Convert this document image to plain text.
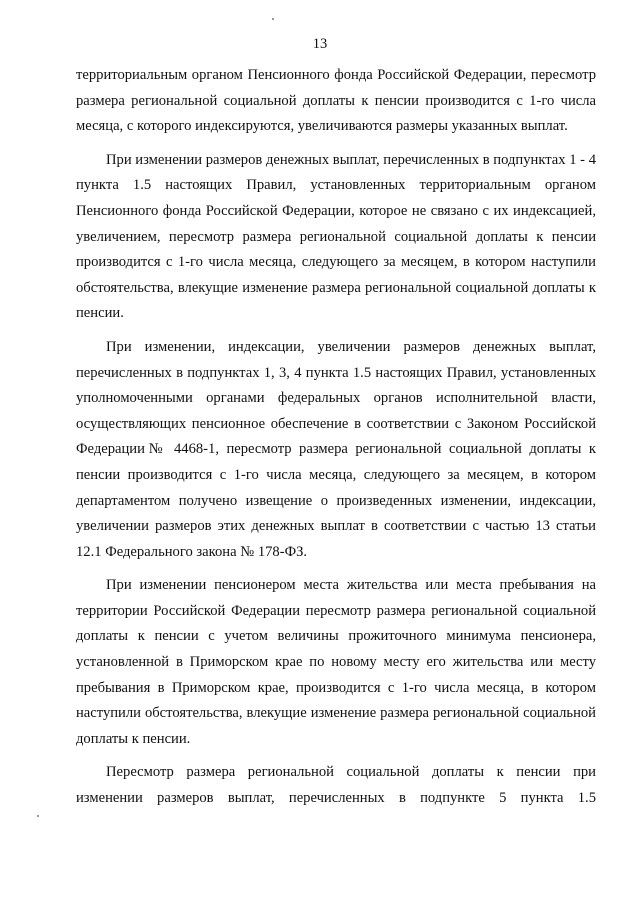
13

территориальным органом Пенсионного фонда Российской Федерации, пересмотр размера региональной социальной доплаты к пенсии производится с 1-го числа месяца, с которого индексируются, увеличиваются размеры указанных выплат.

При изменении размеров денежных выплат, перечисленных в подпунктах 1 - 4 пункта 1.5 настоящих Правил, установленных территориальным органом Пенсионного фонда Российской Федерации, которое не связано с их индексацией, увеличением, пересмотр размера региональной социальной доплаты к пенсии производится с 1-го числа месяца, следующего за месяцем, в котором наступили обстоятельства, влекущие изменение размера региональной социальной доплаты к пенсии.

При изменении, индексации, увеличении размеров денежных выплат, перечисленных в подпунктах 1, 3, 4 пункта 1.5 настоящих Правил, установленных уполномоченными органами федеральных органов исполнительной власти, осуществляющих пенсионное обеспечение в соответствии с Законом Российской Федерации№ 4468-1, пересмотр размера региональной социальной доплаты к пенсии производится с 1-го числа месяца, следующего за месяцем, в котором департаментом получено извещение о произведенных изменении, индексации, увеличении размеров этих денежных выплат в соответствии с частью 13 статьи 12.1 Федерального закона № 178-ФЗ.

При изменении пенсионером места жительства или места пребывания на территории Российской Федерации пересмотр размера региональной социальной доплаты к пенсии с учетом величины прожиточного минимума пенсионера, установленной в Приморском крае по новому месту его жительства или месту пребывания в Приморском крае, производится с 1-го числа месяца, в котором наступили обстоятельства, влекущие изменение размера региональной социальной доплаты к пенсии.

Пересмотр размера региональной социальной доплаты к пенсии при изменении размеров выплат, перечисленных в подпункте 5 пункта 1.5
